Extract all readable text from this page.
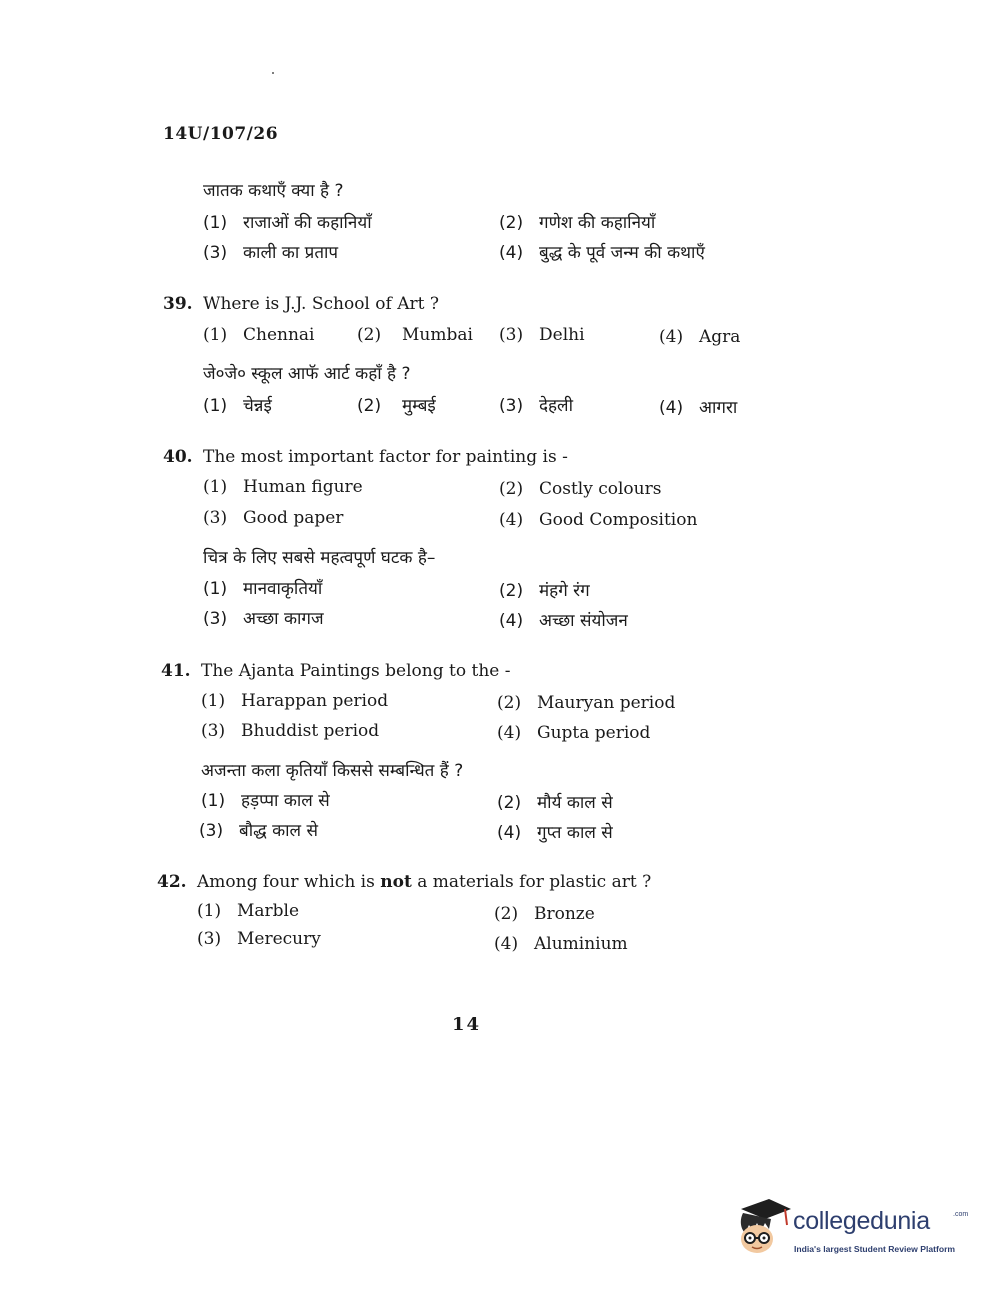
14U/107/26
जातक कथाएँ क्या है ?
(1) राजाओं की कहानियाँ	(2) गणेश की कहानियाँ
(3) काली का प्रताप	(4) बुद्ध के पूर्व जन्म की कथाएँ
39. Where is J.J. School of Art ?
(1) Chennai	(2) Mumbai (3) Delhi	(4) Agra
जे०जे० स्कूल आफॅ आर्ट कहाँ है ?
(1) चेन्नई	(2) मुम्बई	(3) देहली	(4) आगरा
40. The most important factor for painting is -
(1) Human figure	(2) Costly colours
(3) Good paper	(4) Good Composition
चित्र के लिए सबसे महत्वपूर्ण घटक है–
(1) मानवाकृतियाँ	(2) मंहगे रंग
(3) अच्छा कागज	(4) अच्छा संयोजन
41. The Ajanta Paintings belong to the -
(1) Harappan period	(2) Mauryan period
(3) Bhuddist period	(4) Gupta period
अजन्ता कला कृतियाँ किससे सम्बन्धित हैं ?
(1) हड़प्पा काल से	(2) मौर्य काल से
(3) बौद्ध काल से	(4) गुप्त काल से
42. Among four which is not a materials for plastic art ?
(1) Marble	(2) Bronze
(3) Merecury	(4) Aluminium
14
collegedunia	.com
India's largest Student Review Platform
